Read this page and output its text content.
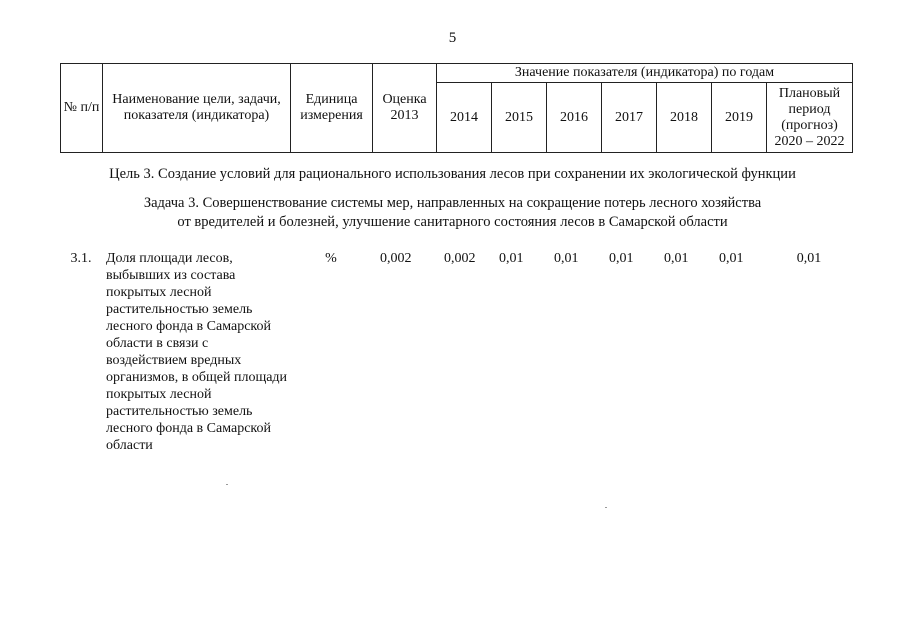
5
№ п/п	Наименование цели, задачи, показателя (индикатора)	Единица измерения	Оценка 2013	Значение показателя (индикатора) по годам						
				2014	2015	2016	2017	2018	2019	Плановый период (прогноз) 2020 – 2022
Цель 3. Создание условий для рационального использования лесов при сохранении их экологической функции
Задача 3. Совершенствование системы мер, направленных на сокращение потерь лесного хозяйства
от вредителей и болезней, улучшение санитарного состояния лесов в Самарской области
3.1.	Доля площади лесов, выбывших из состава покрытых лесной растительностью земель лесного фонда в Самарской области в связи с воздействием вредных организмов, в общей площади покрытых лесной растительностью земель лесного фонда в Самарской области	%	0,002	0,002	0,01	0,01	0,01	0,01	0,01	0,01
